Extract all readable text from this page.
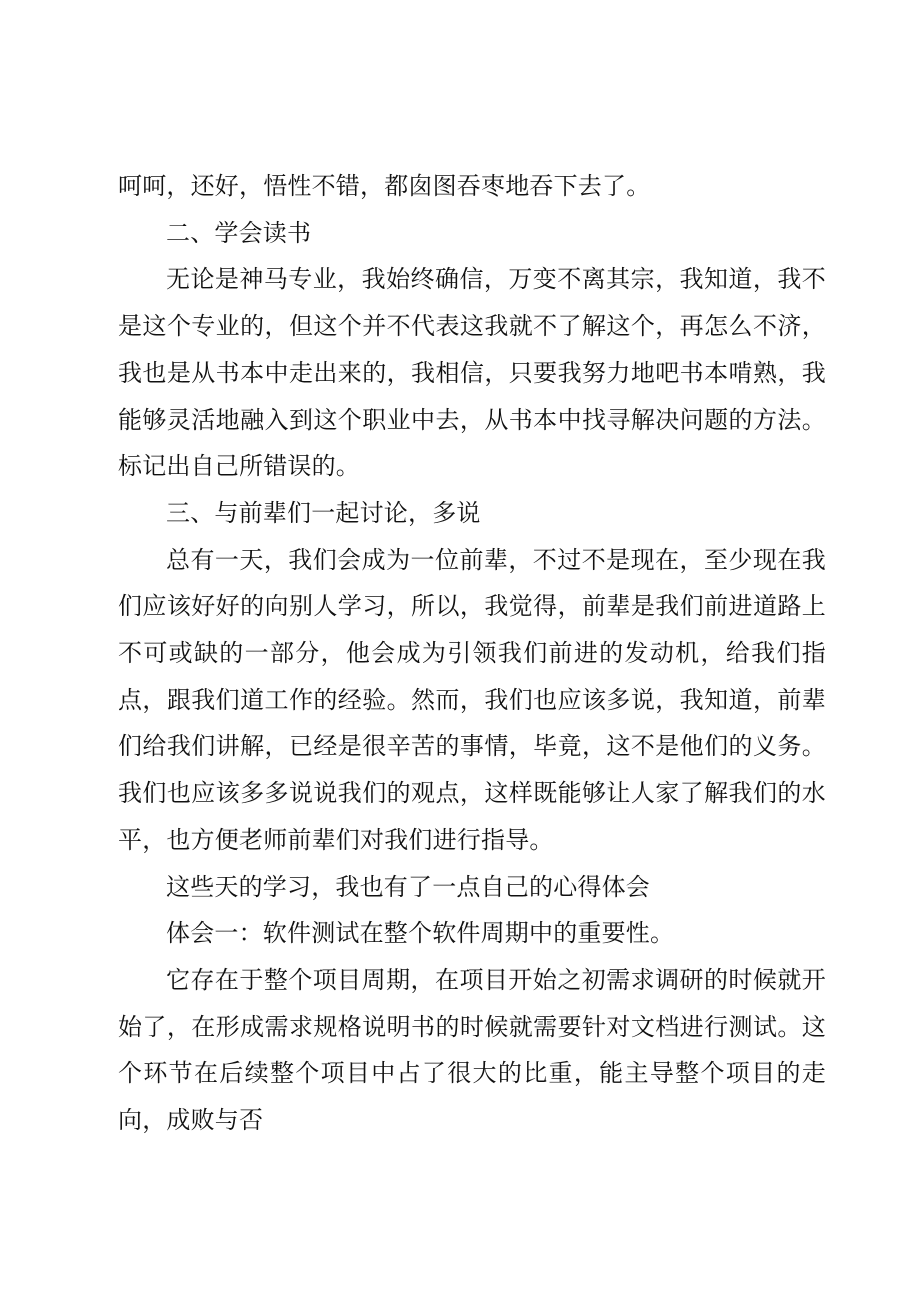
呵呵，还好，悟性不错，都囱图吞枣地吞下去了。

二、学会读书

无论是神马专业，我始终确信，万变不离其宗，我知道，我不是这个专业的，但这个并不代表这我就不了解这个，再怎么不济，我也是从书本中走出来的，我相信，只要我努力地吧书本啃熟，我能够灵活地融入到这个职业中去，从书本中找寻解决问题的方法。标记出自己所错误的。

三、与前辈们一起讨论，多说

总有一天，我们会成为一位前辈，不过不是现在，至少现在我们应该好好的向别人学习，所以，我觉得，前辈是我们前进道路上不可或缺的一部分，他会成为引领我们前进的发动机，给我们指点，跟我们道工作的经验。然而，我们也应该多说，我知道，前辈们给我们讲解，已经是很辛苦的事情，毕竟，这不是他们的义务。我们也应该多多说说我们的观点，这样既能够让人家了解我们的水平，也方便老师前辈们对我们进行指导。

这些天的学习，我也有了一点自己的心得体会

体会一：软件测试在整个软件周期中的重要性。

它存在于整个项目周期，在项目开始之初需求调研的时候就开始了，在形成需求规格说明书的时候就需要针对文档进行测试。这个环节在后续整个项目中占了很大的比重，能主导整个项目的走向，成败与否
